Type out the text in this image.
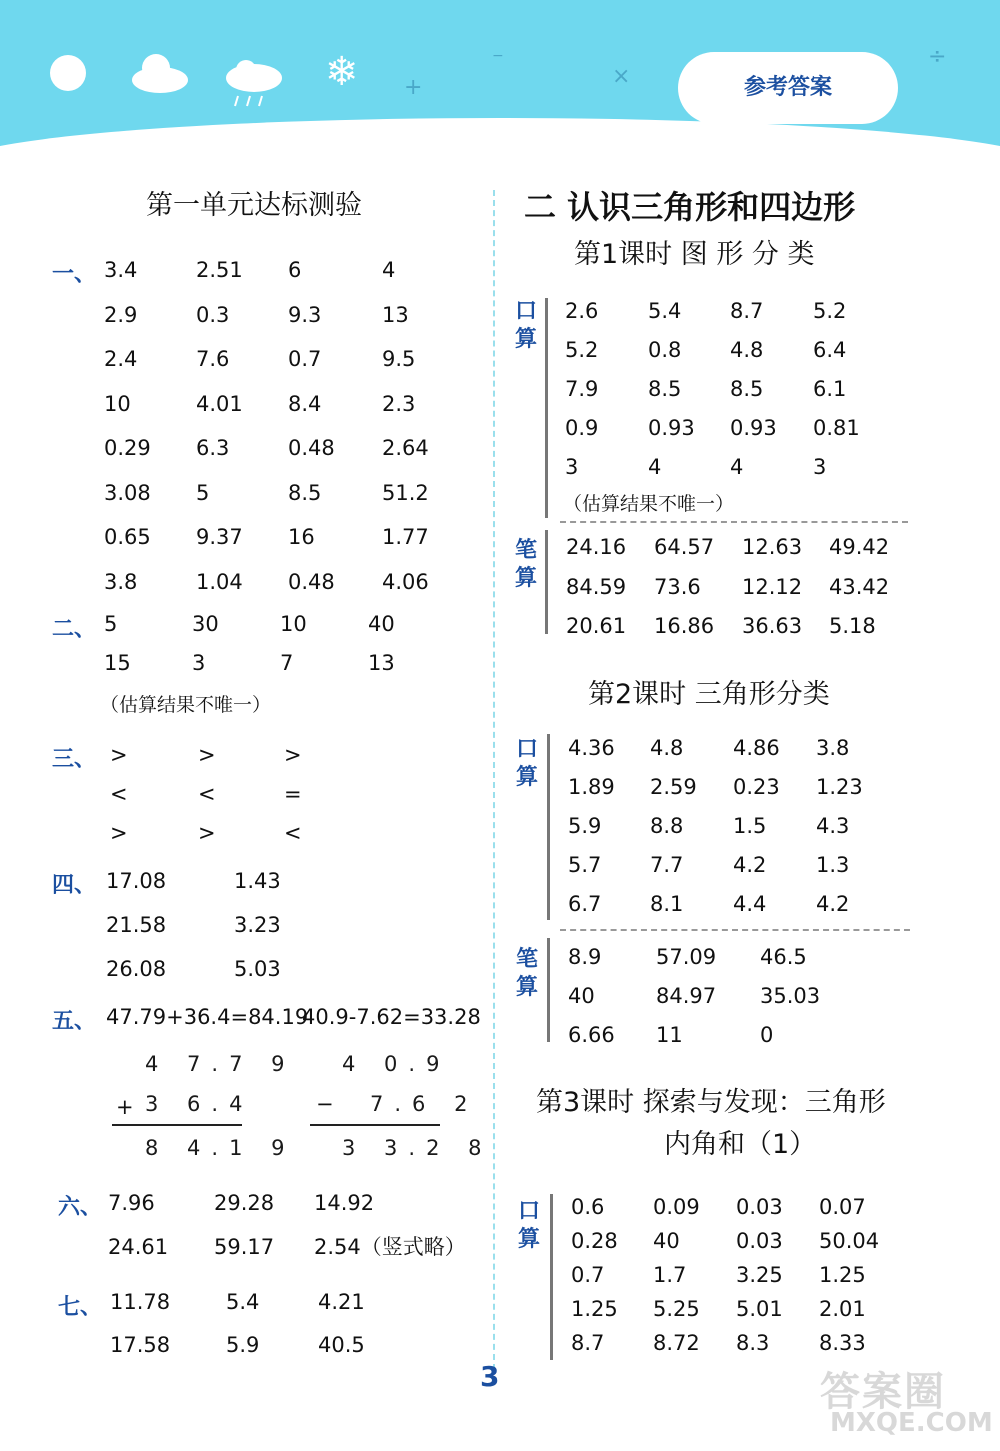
❄ +
−
×
÷
参考答案
第一单元达标测验
一、 3.4	2.51 6	4
2.9	0.3	9.3	13
2.4	7.6	0.7	9.5
10	4.01 8.4	2.3
0.29 6.3	0.48 2.64
3.08 5	8.5	51.2
0.65 9.37 16	1.77
3.8	1.04 0.48 4.06
二、 5	30	10	40
15	3	7	13
（估算结果不唯一）
三、 >	>	>
<	<	=
>	>	<
四、 17.08	1.43
21.58	3.23
26.08	5.03
五、 47.79+36.4=84.19
40.9-7.62=33.28
4 7.7 9
+ 3 6.4
8 4.1 9
4 0.9
− 7.6 2
3 3.2 8
六、 7.96	29.28 14.92
24.61 59.17 2.54（竖式略）
七、 11.78	5.4	4.21
17.58	5.9	40.5
二 认识三角形和四边形
第1课时 图 形 分 类
口算
2.6 5.4 8.7 5.2
5.2 0.8 4.8 6.4
7.9 8.5 8.5 6.1
0.9 0.93 0.93 0.81
3	4	4	3
（估算结果不唯一）
笔算
24.16 64.57 12.63 49.42
84.59 73.6 12.12 43.42
20.61 16.86 36.63 5.18
第2课时 三角形分类
口算
4.36 4.8 4.86 3.8
1.89 2.59 0.23 1.23
5.9 8.8 1.5 4.3
5.7 7.7 4.2 1.3
6.7 8.1 4.4 4.2
笔算
8.9	57.09 46.5
40	84.97 35.03
6.66 11	0
第3课时 探索与发现：三角形
内角和（1）
口算
0.6 0.09 0.03 0.07
0.28 40	0.03 50.04
0.7 1.7 3.25 1.25
1.25 5.25 5.01 2.01
8.7 8.72 8.3 8.33
3	答案圈
MXQE.COM
